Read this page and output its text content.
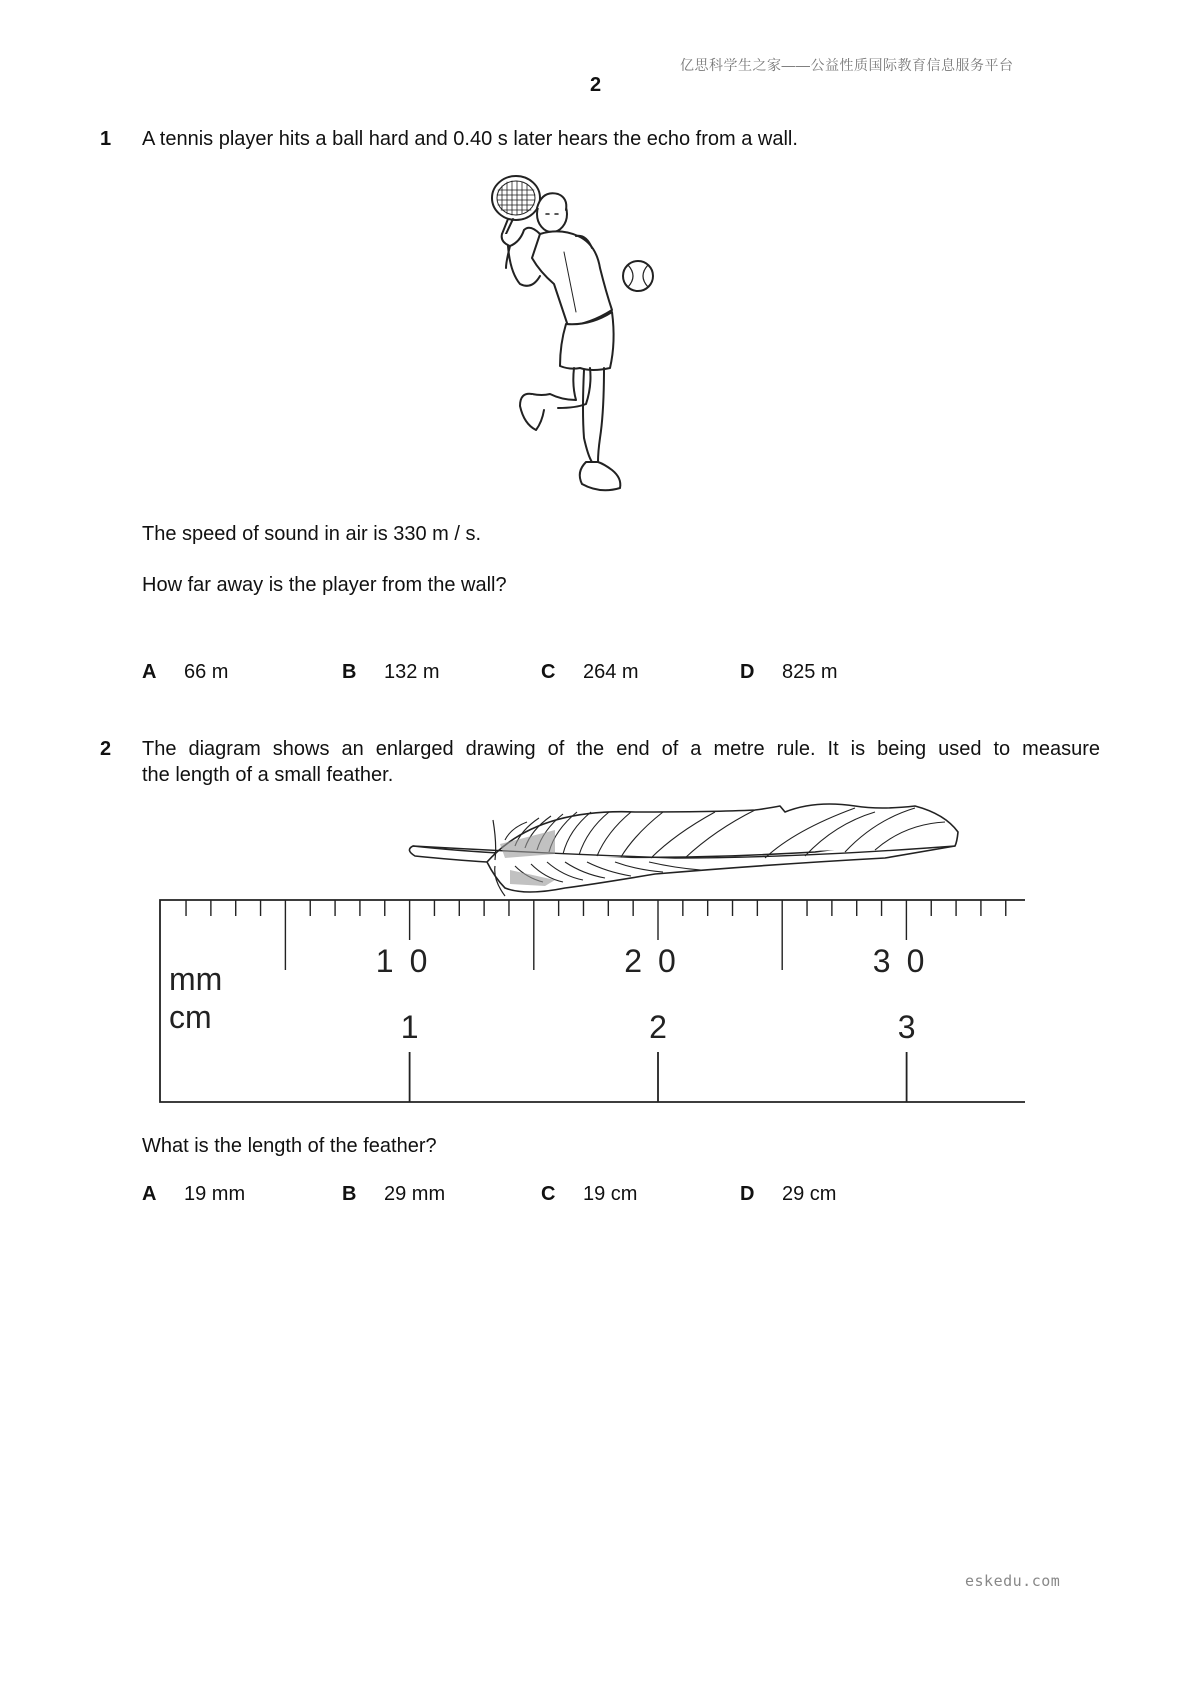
亿思科学生之家——公益性质国际教育信息服务平台
2
1 A tennis player hits a ball hard and 0.40 s later hears the echo from a wall.
The speed of sound in air is 330 m / s.
How far away is the player from the wall?
A 66 m	B 132 m	C 264 m	D 825 m
2 The diagram shows an enlarged drawing of the end of a metre rule. It is being used to measure
the length of a small feather.
mm
cm
10	20	30
1	2	3
What is the length of the feather?
A 19 mm	B 29 mm	C 19 cm	D 29 cm
eskedu.com
